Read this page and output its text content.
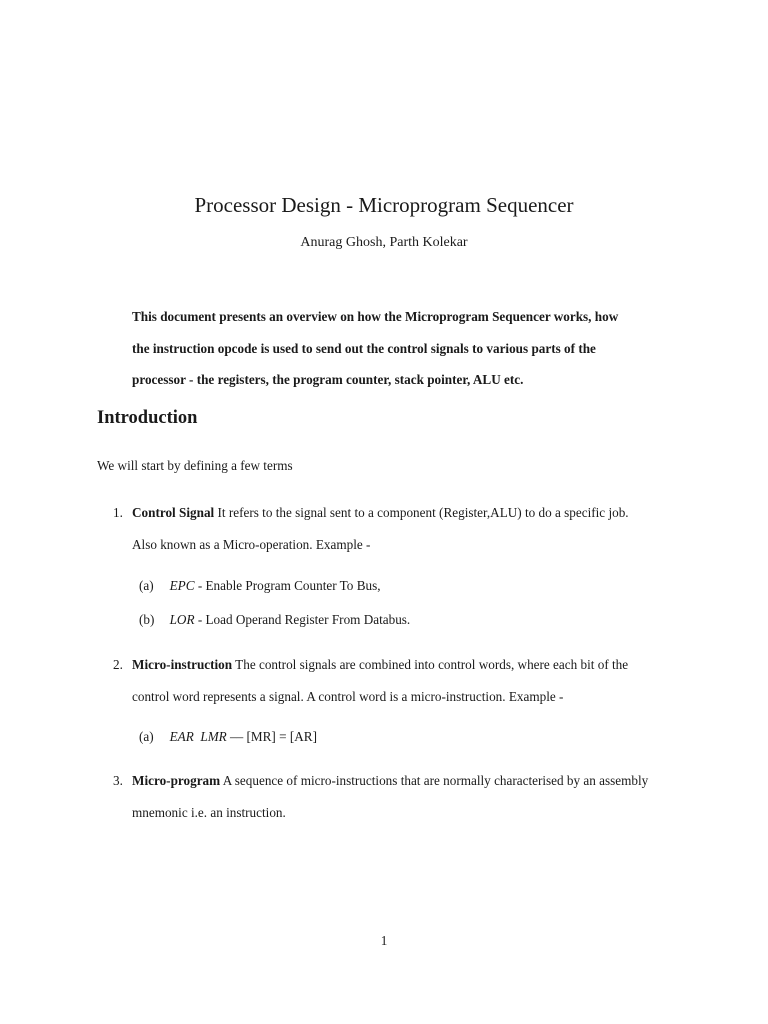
Processor Design - Microprogram Sequencer
Anurag Ghosh, Parth Kolekar
This document presents an overview on how the Microprogram Sequencer works, how
the instruction opcode is used to send out the control signals to various parts of the
processor - the registers, the program counter, stack pointer, ALU etc.
Introduction
We will start by defining a few terms
1. Control Signal It refers to the signal sent to a component (Register,ALU) to do a specific job.
Also known as a Micro-operation. Example -
(a) EPC - Enable Program Counter To Bus,
(b) LOR - Load Operand Register From Databus.
2. Micro-instruction The control signals are combined into control words, where each bit of the
control word represents a signal. A control word is a micro-instruction. Example -
(a) EAR  LMR –– [MR] = [AR]
3. Micro-program A sequence of micro-instructions that are normally characterised by an assembly
mnemonic i.e. an instruction.
1
